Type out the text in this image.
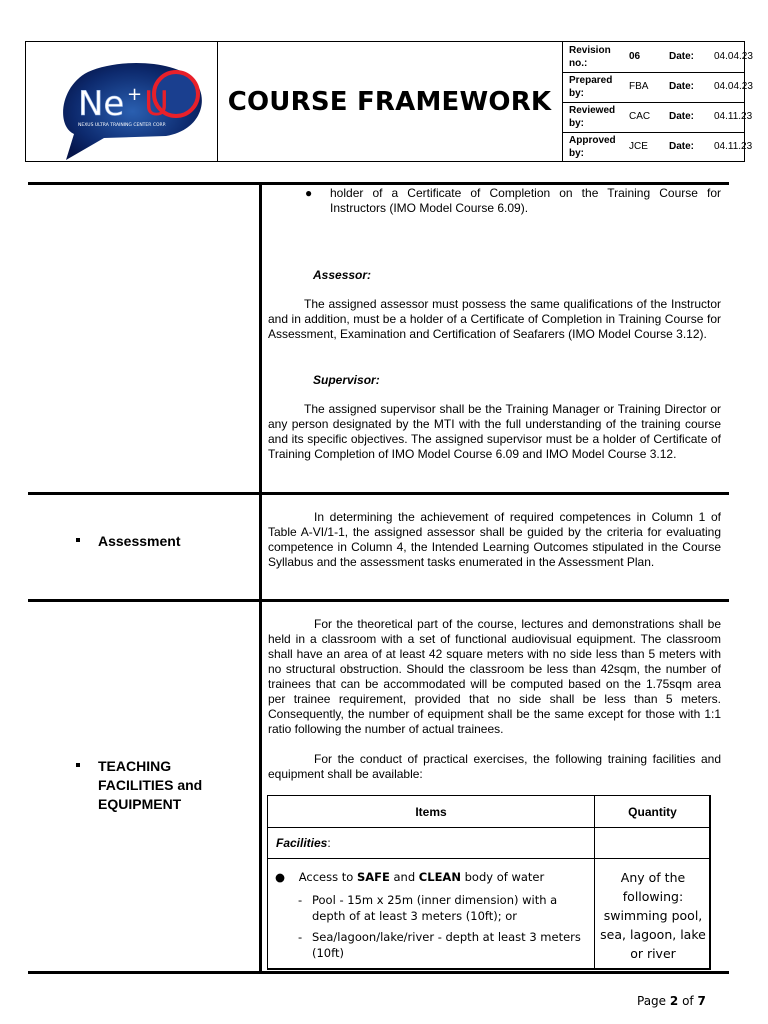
Ne + U
NEXUS ULTRA TRAINING CENTER CORP.
COURSE FRAMEWORK
Revision no.:
06	Date: 04.04.23
Prepared by:
FBA Date: 04.04.23
Reviewed by:
CAC Date: 04.11.23
Approved by:
JCE Date: 04.11.23
● holder of a Certificate of Completion on the Training Course for Instructors (IMO Model Course 6.09).
Assessor:

The assigned assessor must possess the same qualifications of the Instructor and in addition, must be a holder of a Certificate of Completion in Training Course for Assessment, Examination and Certification of Seafarers (IMO Model Course 3.12).

Supervisor:

The assigned supervisor shall be the Training Manager or Training Director or any person designated by the MTI with the full understanding of the training course and its specific objectives. The assigned supervisor must be a holder of Certificate of Training Completion of IMO Model Course 6.09 and IMO Model Course 3.12.

Assessment

In determining the achievement of required competences in Column 1 of Table A-VI/1-1, the assigned assessor shall be guided by the criteria for evaluating competence in Column 4, the Intended Learning Outcomes stipulated in the Course Syllabus and the assessment tasks enumerated in the Assessment Plan.

TEACHING FACILITIES and EQUIPMENT

For the theoretical part of the course, lectures and demonstrations shall be held in a classroom with a set of functional audiovisual equipment. The classroom shall have an area of at least 42 square meters with no side less than 5 meters with no structural obstruction. Should the classroom be less than 42sqm, the number of trainees that can be accommodated will be computed based on the 1.75sqm area per trainee requirement, provided that no side shall be less than 5 meters. Consequently, the number of equipment shall be the same except for those with 1:1 ratio following the number of actual trainees.

For the conduct of practical exercises, the following training facilities and equipment shall be available:

Items	Quantity
Facilities:
● Access to SAFE and CLEAN body of water
- Pool - 15m x 25m (inner dimension) with a depth of at least 3 meters (10ft); or
- Sea/lagoon/lake/river - depth at least 3 meters (10ft)
Any of the following: swimming pool, sea, lagoon, lake or river
Page 2 of 7
